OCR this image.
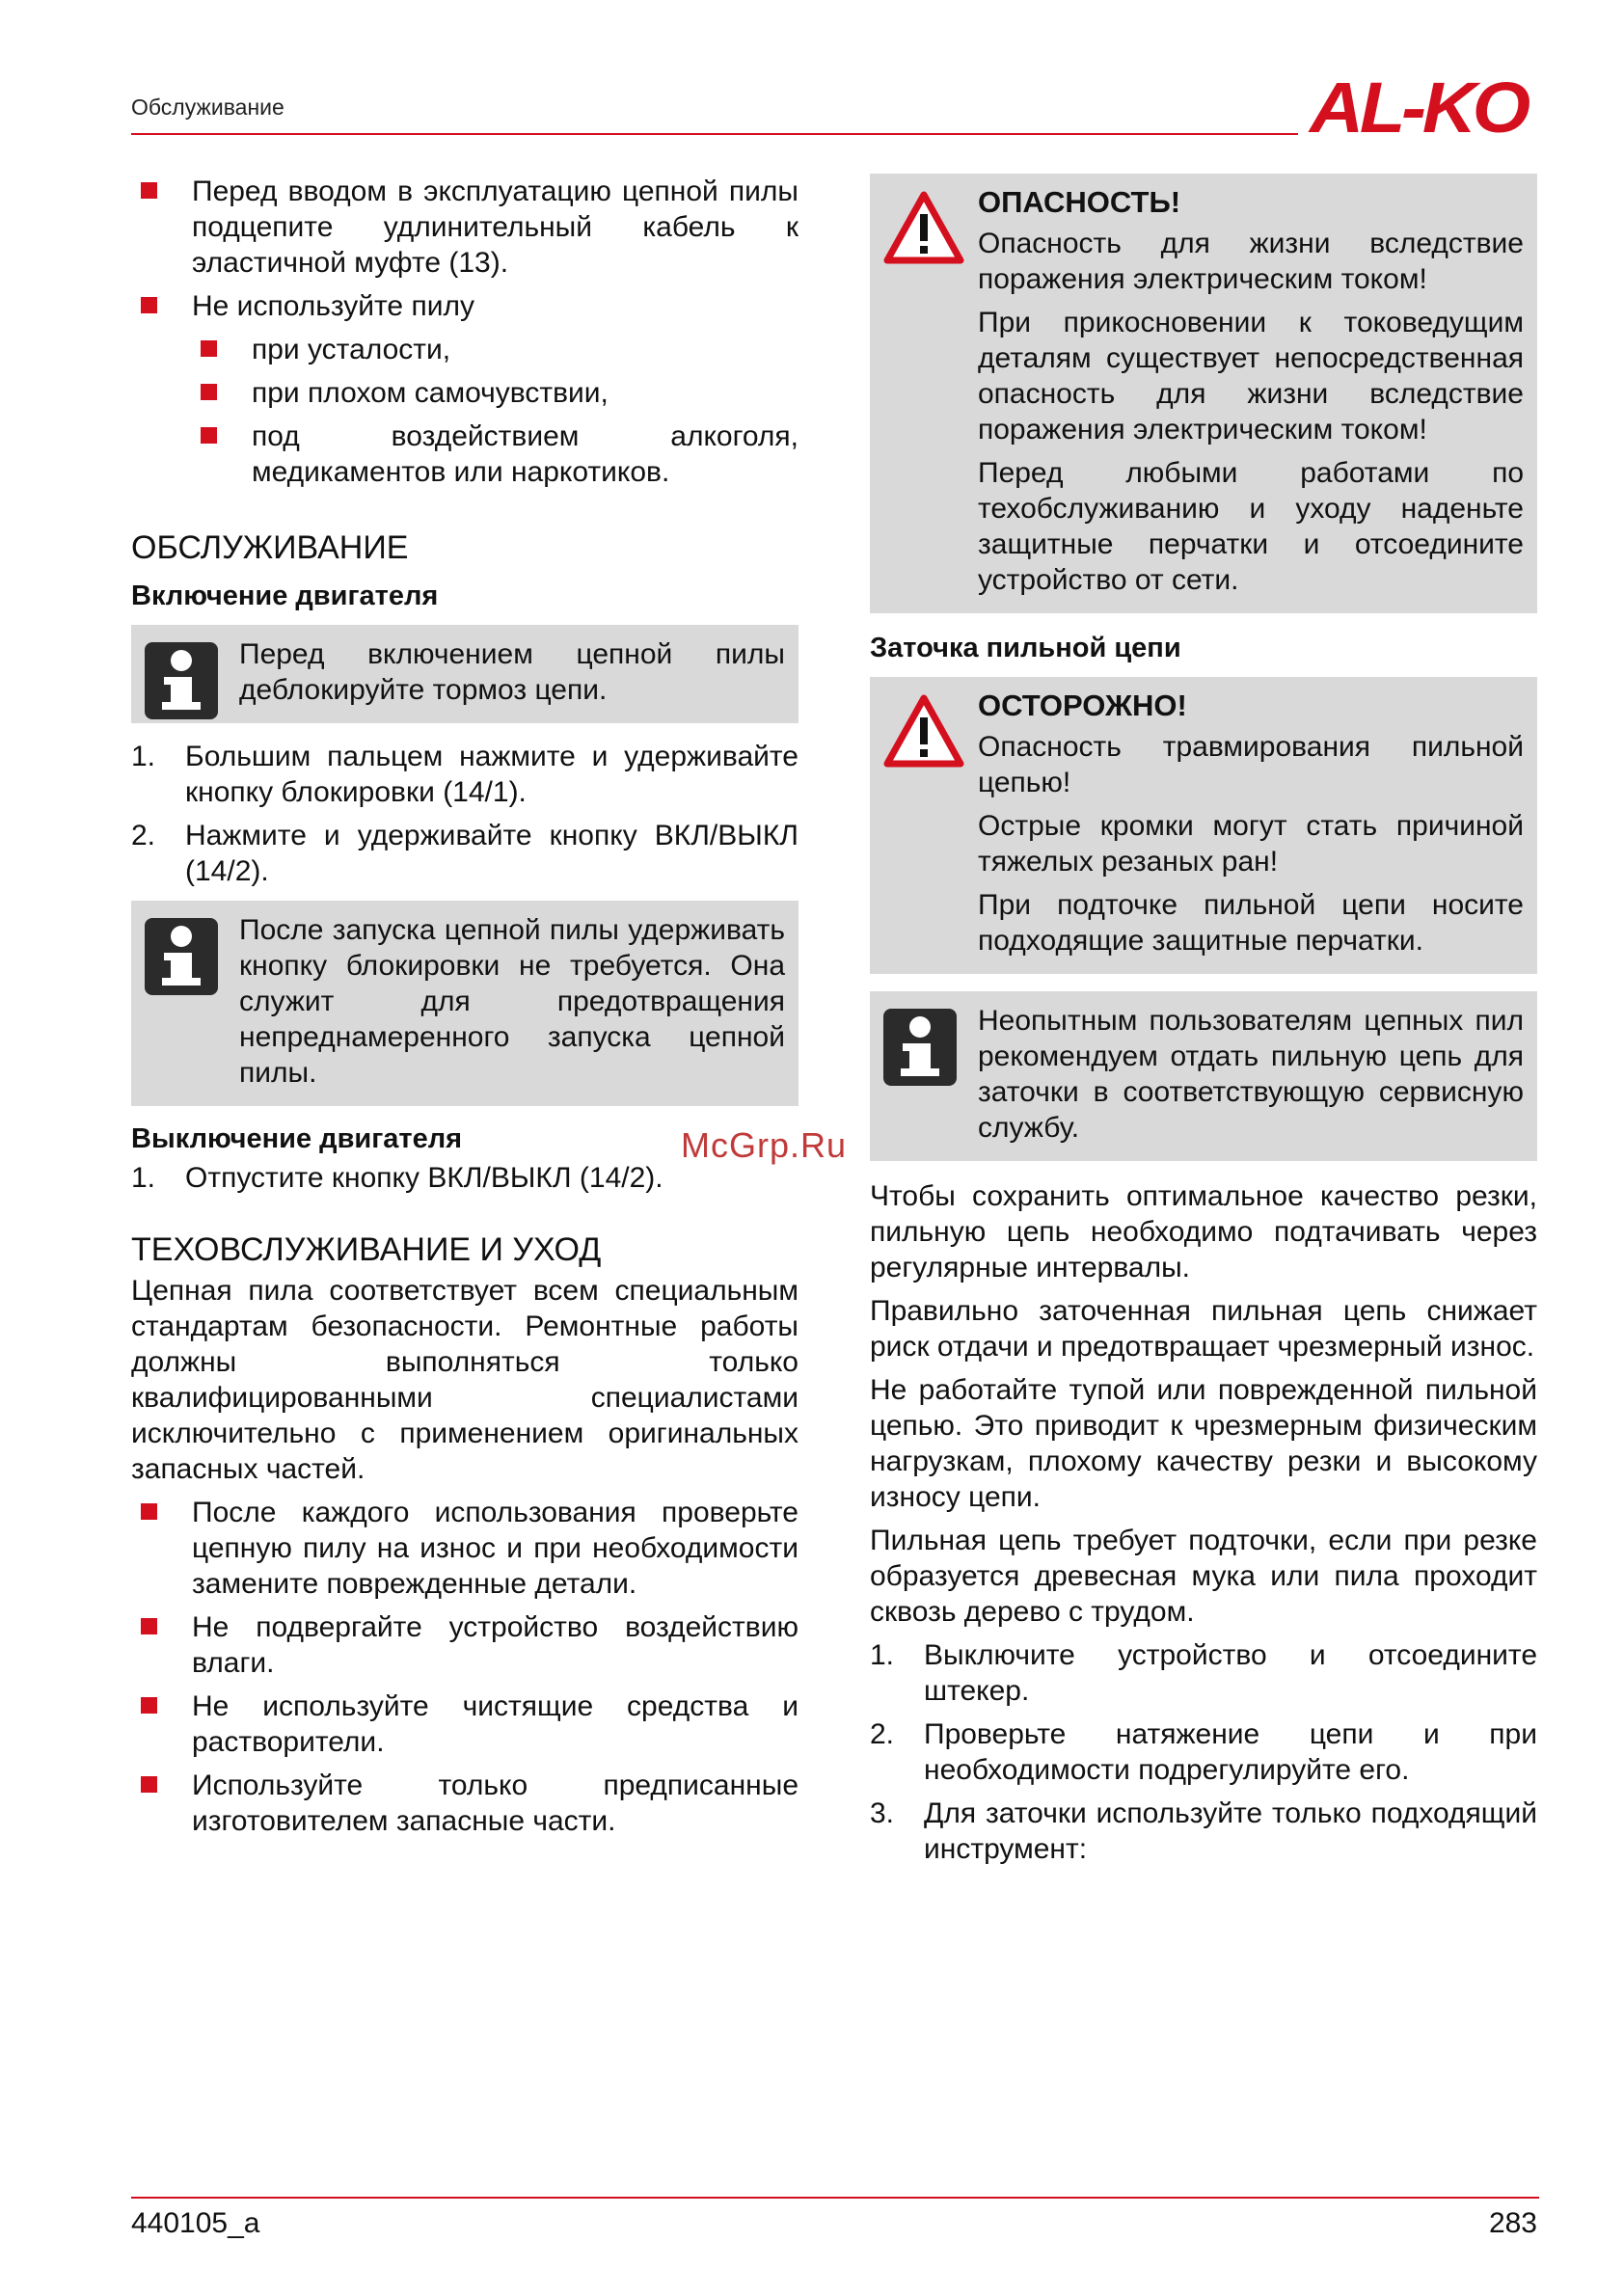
Обслуживание	AL-KO
Перед вводом в эксплуатацию цепной пилы подцепите удлинительный кабель к эластичной муфте (13).
Не используйте пилу
при усталости,
при плохом самочувствии,
под воздействием алкоголя, медикаментов или наркотиков.
ОБСЛУЖИВАНИЕ
Включение двигателя

Перед включением цепной пилы деблокируйте тормоз цепи.

1. Большим пальцем нажмите и удерживайте кнопку блокировки (14/1).
2. Нажмите и удерживайте кнопку ВКЛ/ВЫКЛ (14/2).

После запуска цепной пилы удерживать кнопку блокировки не требуется. Она служит для предотвращения непреднамеренного запуска цепной пилы.

Выключение двигателя
1. Отпустите кнопку ВКЛ/ВЫКЛ (14/2).
ТЕХОВСЛУЖИВАНИЕ И УХОД
Цепная пила соответствует всем специальным стандартам безопасности. Ремонтные работы должны выполняться только квалифицированными специалистами исключительно с применением оригинальных запасных частей.
После каждого использования проверьте цепную пилу на износ и при необходимости замените поврежденные детали.
Не подвергайте устройство воздействию влаги.
Не используйте чистящие средства и растворители.
Используйте только предписанные изготовителем запасные части.
ОПАСНОСТЬ!

Опасность для жизни вследствие поражения электрическим током!

При прикосновении к токоведущим деталям существует непосредственная опасность для жизни вследствие поражения электрическим током!

Перед любыми работами по техобслуживанию и уходу наденьте защитные перчатки и отсоедините устройство от сети.

Заточка пильной цепи
ОСТОРОЖНО!

Опасность травмирования пильной цепью!

Острые кромки могут стать причиной тяжелых резаных ран!

При подточке пильной цепи носите подходящие защитные перчатки.

Неопытным пользователям цепных пил рекомендуем отдать пильную цепь для заточки в соответствующую сервисную службу.

Чтобы сохранить оптимальное качество резки, пильную цепь необходимо подтачивать через регулярные интервалы.
Правильно заточенная пильная цепь снижает риск отдачи и предотвращает чрезмерный износ.
Не работайте тупой или поврежденной пильной цепью. Это приводит к чрезмерным физическим нагрузкам, плохому качеству резки и высокому износу цепи.
Пильная цепь требует подточки, если при резке образуется древесная мука или пила проходит сквозь дерево с трудом.
1. Выключите устройство и отсоедините штекер.
2. Проверьте натяжение цепи и при необходимости подрегулируйте его.
3. Для заточки используйте только подходящий инструмент:
McGrp.Ru
440105_a	283
